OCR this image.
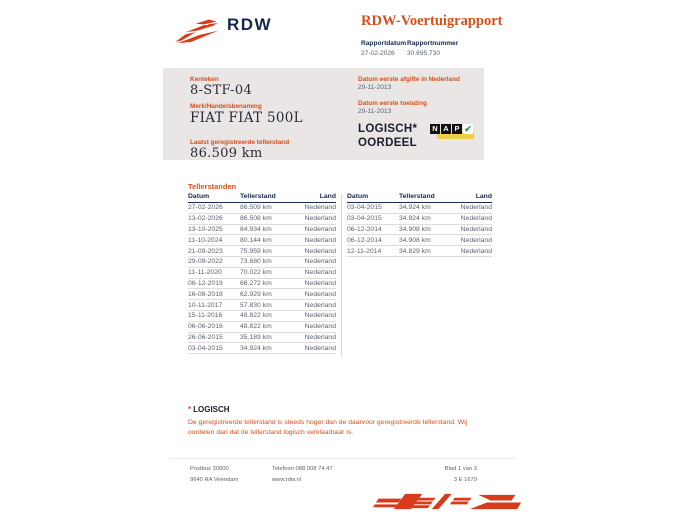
RDW	RDW-Voertuigrapport
Rapportdatum
27-02-2026
Rapportnummer
30.695.730
Kenteken
8-STF-04
Merk/Handelsbenaming
FIAT FIAT 500L
Laatst geregistreerde tellerstand
86.509 km
Datum eerste afgifte in Nederland
29-11-2013
Datum eerste toelating
29-11-2013
LOGISCH*
OORDEEL
N A P ✔
Tellerstanden
Datum	Tellerstand	Land
27-02-2026	86.509 km	Nederland
13-02-2026	86.508 km	Nederland
13-10-2025	84.934 km	Nederland
11-10-2024	80.144 km	Nederland
21-09-2023	75.959 km	Nederland
29-09-2022	73.680 km	Nederland
11-11-2020	70.022 km	Nederland
06-12-2019	68.272 km	Nederland
16-08-2018	62.929 km	Nederland
10-11-2017	57.830 km	Nederland
15-11-2016	48.822 km	Nederland
06-06-2016	48.822 km	Nederland
26-06-2015	35.189 km	Nederland
03-04-2015	34.924 km	Nederland
Datum	Tellerstand	Land
03-04-2015	34.924 km	Nederland
03-04-2015	34.924 km	Nederland
06-12-2014	34.908 km	Nederland
06-12-2014	34.908 km	Nederland
12-11-2014	34.829 km	Nederland
* LOGISCH
De geregistreerde tellerstand is steeds hoger dan de daarvoor geregistreerde tellerstand. Wij oordelen dan dat de tellerstand logisch verklaarbaar is.
Postbus 30000
9640 RA Veendam
Telefoon 088 008 74 47
www.rdw.nl
Blad 1 van 3
3 E 1679
